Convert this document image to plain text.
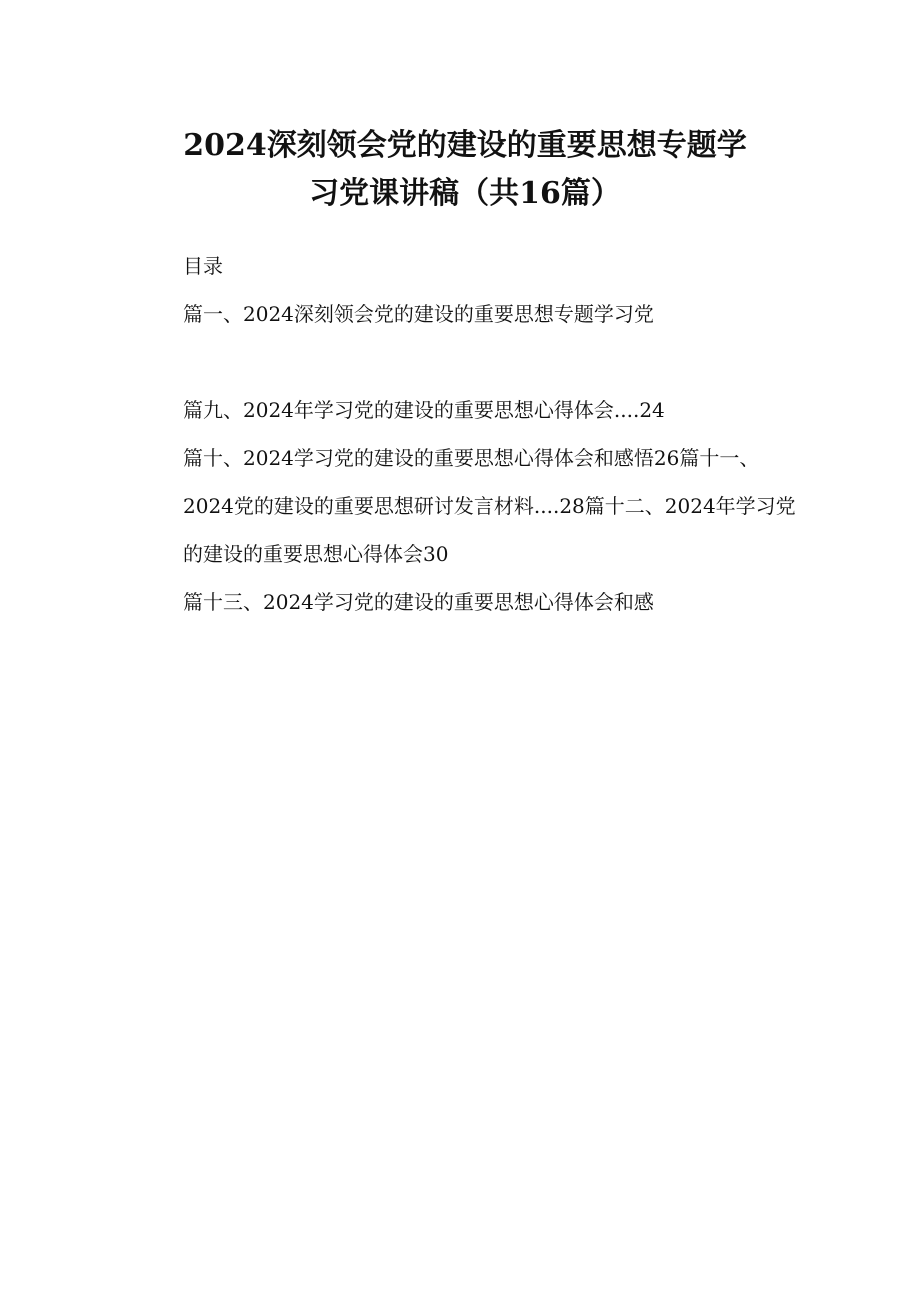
2024深刻领会党的建设的重要思想专题学
习党课讲稿（共16篇）
目录
篇一、2024深刻领会党的建设的重要思想专题学习党
篇九、2024年学习党的建设的重要思想心得体会....24
篇十、2024学习党的建设的重要思想心得体会和感悟26篇十一、
2024党的建设的重要思想研讨发言材料....28篇十二、2024年学习党
的建设的重要思想心得体会30
篇十三、2024学习党的建设的重要思想心得体会和感
